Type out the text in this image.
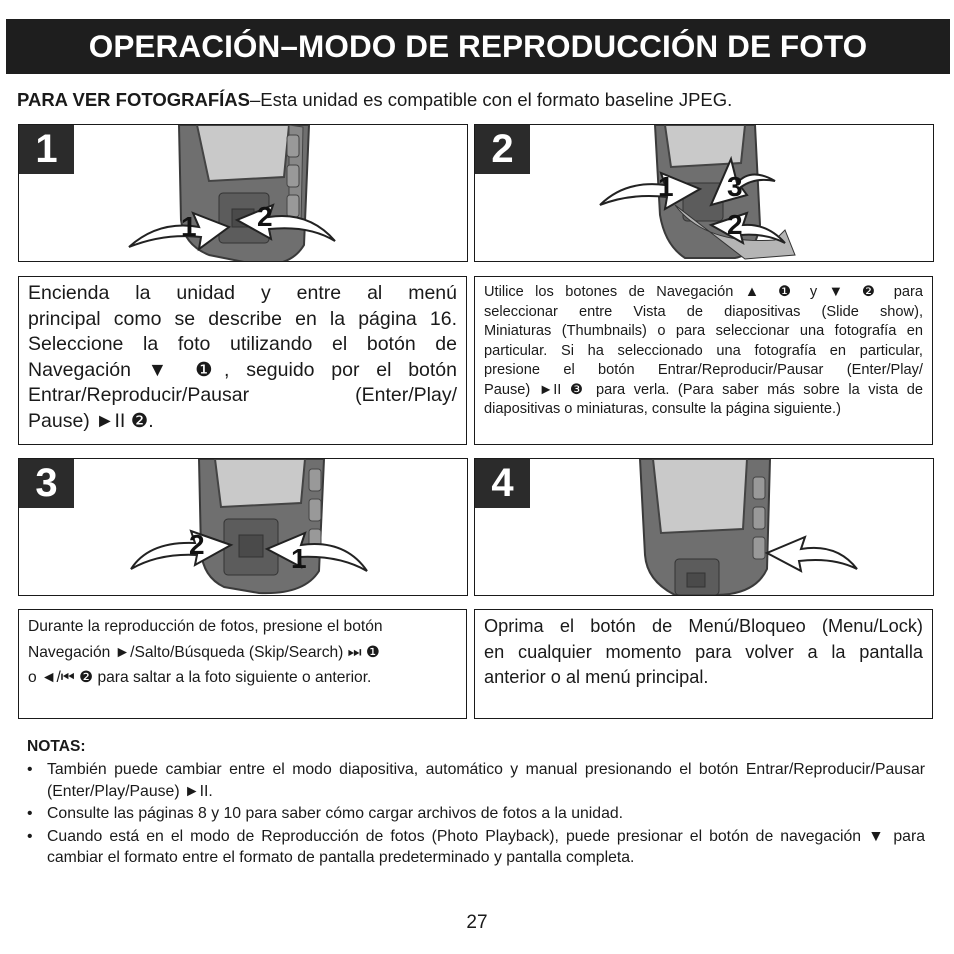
OPERACIÓN–MODO DE REPRODUCCIÓN DE FOTO
PARA VER FOTOGRAFÍAS–Esta unidad es compatible con el formato baseline JPEG.
1
1 2
2
1 3
2
Encienda la unidad y entre al menú
principal como se describe en la página 16.
Seleccione la foto utilizando el botón de
Navegación ▼ ❶, seguido por el botón
Entrar/Reproducir/Pausar (Enter/Play/
Pause) ►II ❷.
Utilice los botones de Navegación ▲ ❶ y ▼ ❷ para
seleccionar entre Vista de diapositivas (Slide show),
Miniaturas (Thumbnails) o para seleccionar una fotografía en
particular. Si ha seleccionado una fotografía en particular,
presione el botón Entrar/Reproducir/Pausar (Enter/Play/
Pause) ►II ❸ para verla. (Para saber más sobre la vista de
diapositivas o miniaturas, consulte la página siguiente.)
3
2	1
4
Durante la reproducción de fotos, presione el botón
Navegación ►/Salto/Búsqueda (Skip/Search) ⏭ ❶
o ◄/⏮ ❷ para saltar a la foto siguiente o anterior.
Oprima el botón de Menú/Bloqueo (Menu/Lock)
en cualquier momento para volver a la pantalla
anterior o al menú principal.
NOTAS:
• También puede cambiar entre el modo diapositiva, automático y manual presionando el botón Entrar/Reproducir/Pausar (Enter/Play/Pause) ►II.
• Consulte las páginas 8 y 10 para saber cómo cargar archivos de fotos a la unidad.
• Cuando está en el modo de Reproducción de fotos (Photo Playback), puede presionar el botón de navegación ▼ para cambiar el formato entre el formato de pantalla predeterminado y pantalla completa.
27
